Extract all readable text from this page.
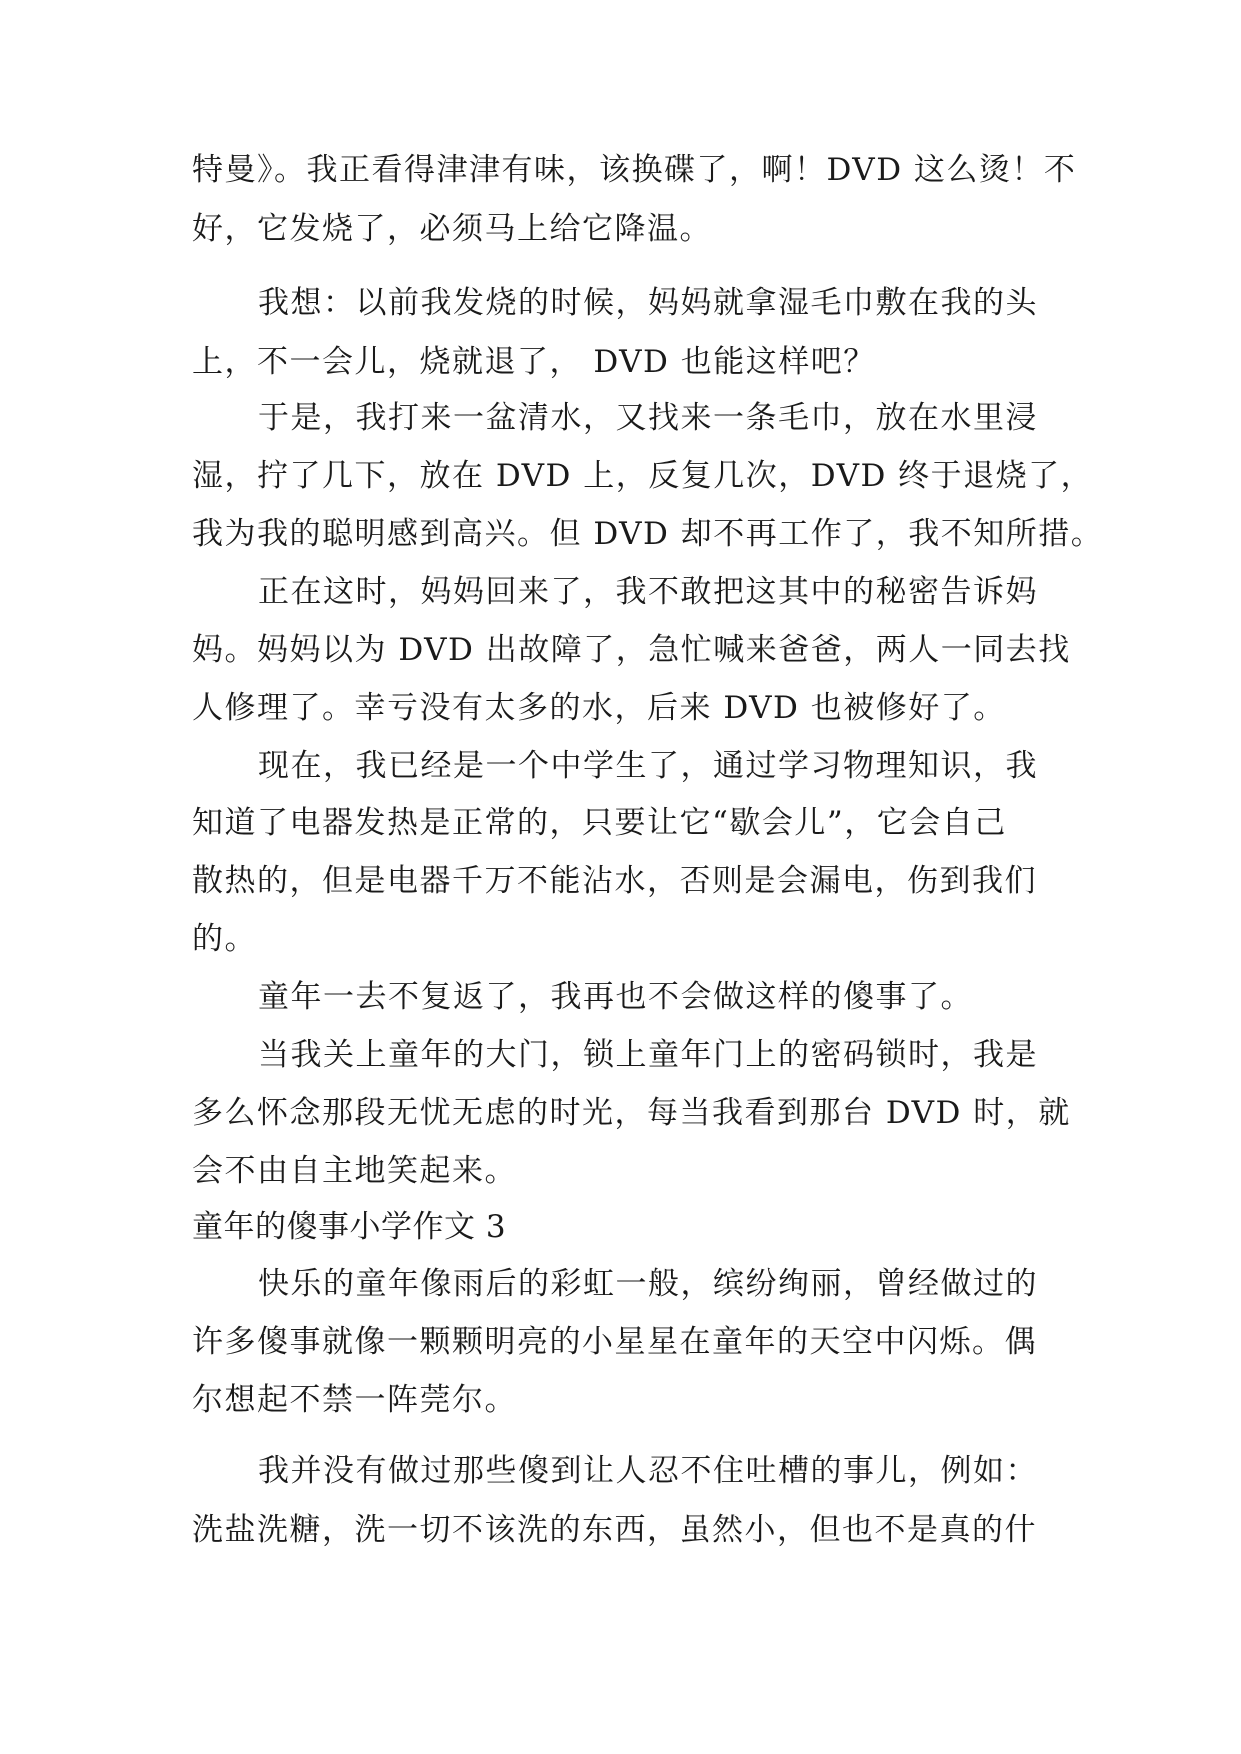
特曼》。我正看得津津有味，该换碟了，啊！DVD 这么烫！不
好，它发烧了，必须马上给它降温。
我想：以前我发烧的时候，妈妈就拿湿毛巾敷在我的头
上，不一会儿，烧就退了， DVD 也能这样吧？
于是，我打来一盆清水，又找来一条毛巾，放在水里浸
湿，拧了几下，放在 DVD 上，反复几次，DVD 终于退烧了，
我为我的聪明感到高兴。但 DVD 却不再工作了，我不知所措。
正在这时，妈妈回来了，我不敢把这其中的秘密告诉妈
妈。妈妈以为 DVD 出故障了，急忙喊来爸爸，两人一同去找
人修理了。幸亏没有太多的水，后来 DVD 也被修好了。
现在，我已经是一个中学生了，通过学习物理知识，我
知道了电器发热是正常的，只要让它“歇会儿”，它会自己
散热的，但是电器千万不能沾水，否则是会漏电，伤到我们
的。
童年一去不复返了，我再也不会做这样的傻事了。
当我关上童年的大门，锁上童年门上的密码锁时，我是
多么怀念那段无忧无虑的时光，每当我看到那台 DVD 时，就
会不由自主地笑起来。
童年的傻事小学作文 3
快乐的童年像雨后的彩虹一般，缤纷绚丽，曾经做过的
许多傻事就像一颗颗明亮的小星星在童年的天空中闪烁。偶
尔想起不禁一阵莞尔。
我并没有做过那些傻到让人忍不住吐槽的事儿，例如：
洗盐洗糖，洗一切不该洗的东西，虽然小，但也不是真的什
